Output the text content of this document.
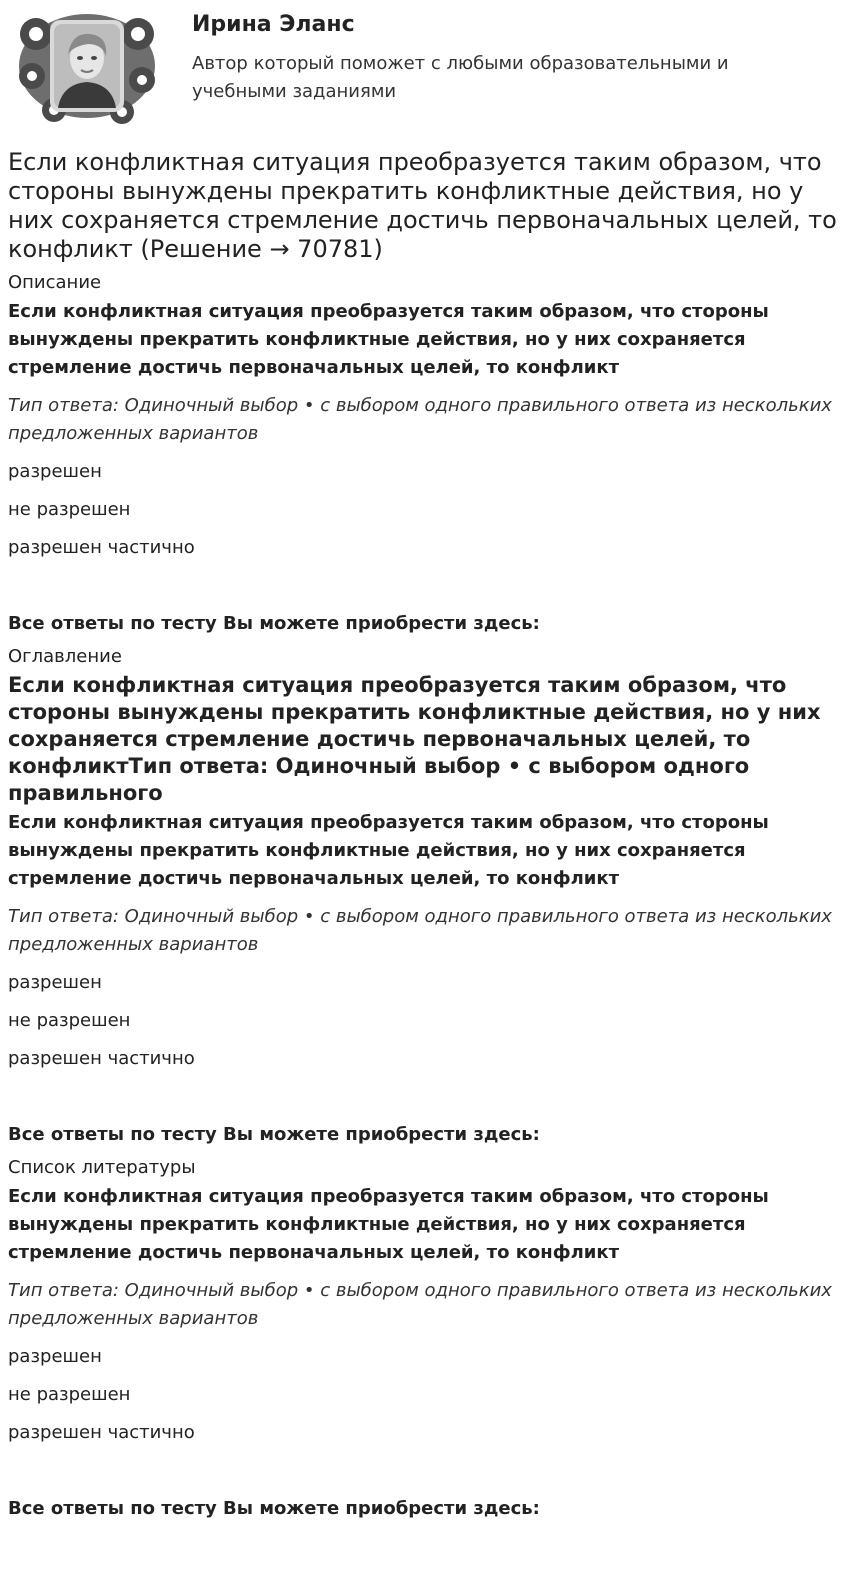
Ирина Эланс

Автор который поможет с любыми образовательными и учебными заданиями

Если конфликтная ситуация преобразуется таким образом, что стороны вынуждены прекратить конфликтные действия, но у них сохраняется стремление достичь первоначальных целей, то конфликт (Решение → 70781)

Описание

Если конфликтная ситуация преобразуется таким образом, что стороны вынуждены прекратить конфликтные действия, но у них сохраняется стремление достичь первоначальных целей, то конфликт

Тип ответа: Одиночный выбор • с выбором одного правильного ответа из нескольких предложенных вариантов

разрешен

не разрешен

разрешен частично

Все ответы по тесту Вы можете приобрести здесь:

Оглавление

Если конфликтная ситуация преобразуется таким образом, что стороны вынуждены прекратить конфликтные действия, но у них сохраняется стремление достичь первоначальных целей, то конфликтТип ответа: Одиночный выбор • с выбором одного правильного

Если конфликтная ситуация преобразуется таким образом, что стороны вынуждены прекратить конфликтные действия, но у них сохраняется стремление достичь первоначальных целей, то конфликт

Тип ответа: Одиночный выбор • с выбором одного правильного ответа из нескольких предложенных вариантов

разрешен

не разрешен

разрешен частично

Все ответы по тесту Вы можете приобрести здесь:

Список литературы

Если конфликтная ситуация преобразуется таким образом, что стороны вынуждены прекратить конфликтные действия, но у них сохраняется стремление достичь первоначальных целей, то конфликт

Тип ответа: Одиночный выбор • с выбором одного правильного ответа из нескольких предложенных вариантов

разрешен

не разрешен

разрешен частично

Все ответы по тесту Вы можете приобрести здесь:
